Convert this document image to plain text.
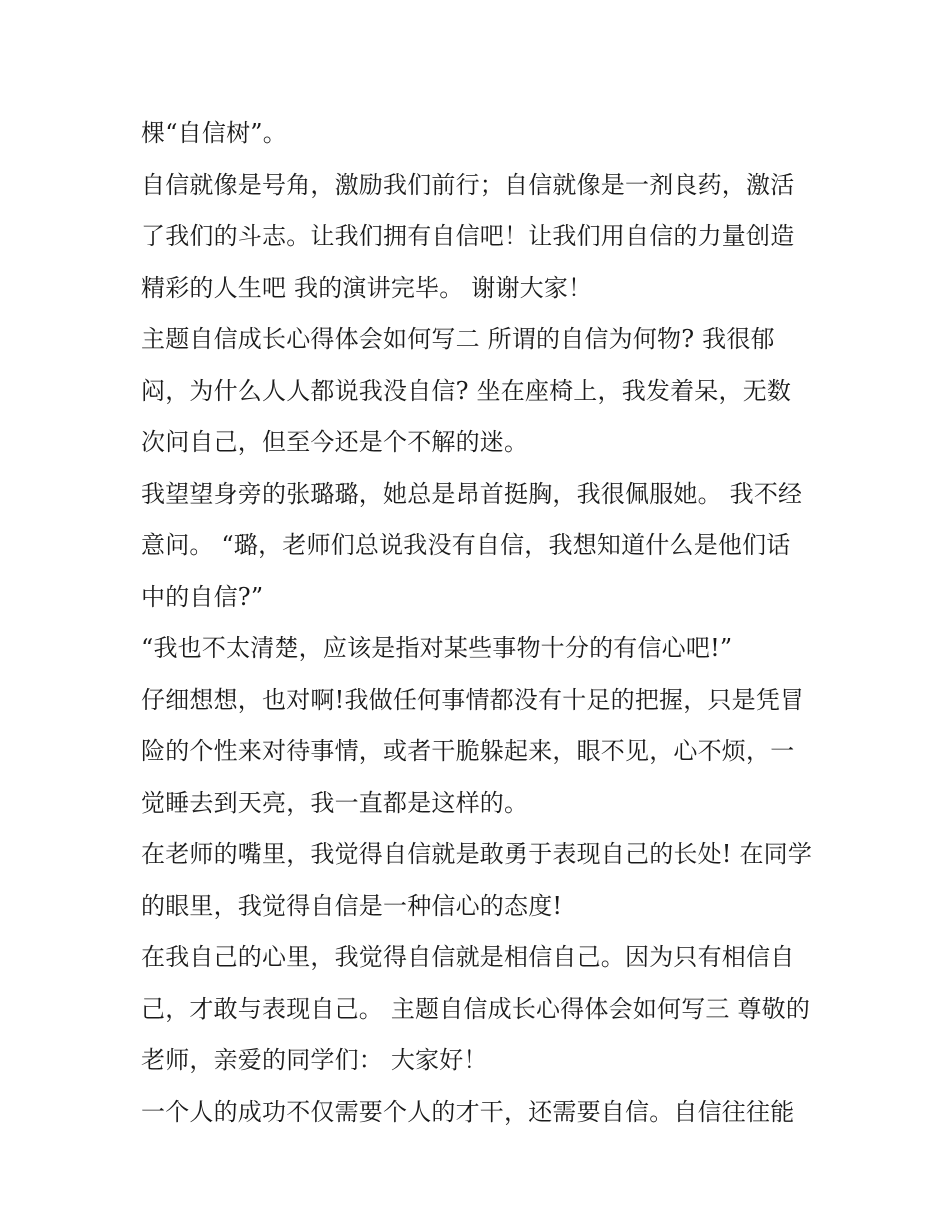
棵“自信树”。

自信就像是号角，激励我们前行；自信就像是一剂良药，激活了我们的斗志。让我们拥有自信吧！让我们用自信的力量创造精彩的人生吧 我的演讲完毕。 谢谢大家！

主题自信成长心得体会如何写二 所谓的自信为何物? 我很郁闷，为什么人人都说我没自信? 坐在座椅上，我发着呆，无数次问自己，但至今还是个不解的迷。

我望望身旁的张璐璐，她总是昂首挺胸，我很佩服她。 我不经意问。 “璐，老师们总说我没有自信，我想知道什么是他们话中的自信?”

“我也不太清楚，应该是指对某些事物十分的有信心吧!”

仔细想想，也对啊!我做任何事情都没有十足的把握，只是凭冒险的个性来对待事情，或者干脆躲起来，眼不见，心不烦，一觉睡去到天亮，我一直都是这样的。

在老师的嘴里，我觉得自信就是敢勇于表现自己的长处! 在同学的眼里，我觉得自信是一种信心的态度!

在我自己的心里，我觉得自信就是相信自己。因为只有相信自己，才敢与表现自己。 主题自信成长心得体会如何写三 尊敬的老师，亲爱的同学们： 大家好！

一个人的成功不仅需要个人的才干，还需要自信。自信往往能
